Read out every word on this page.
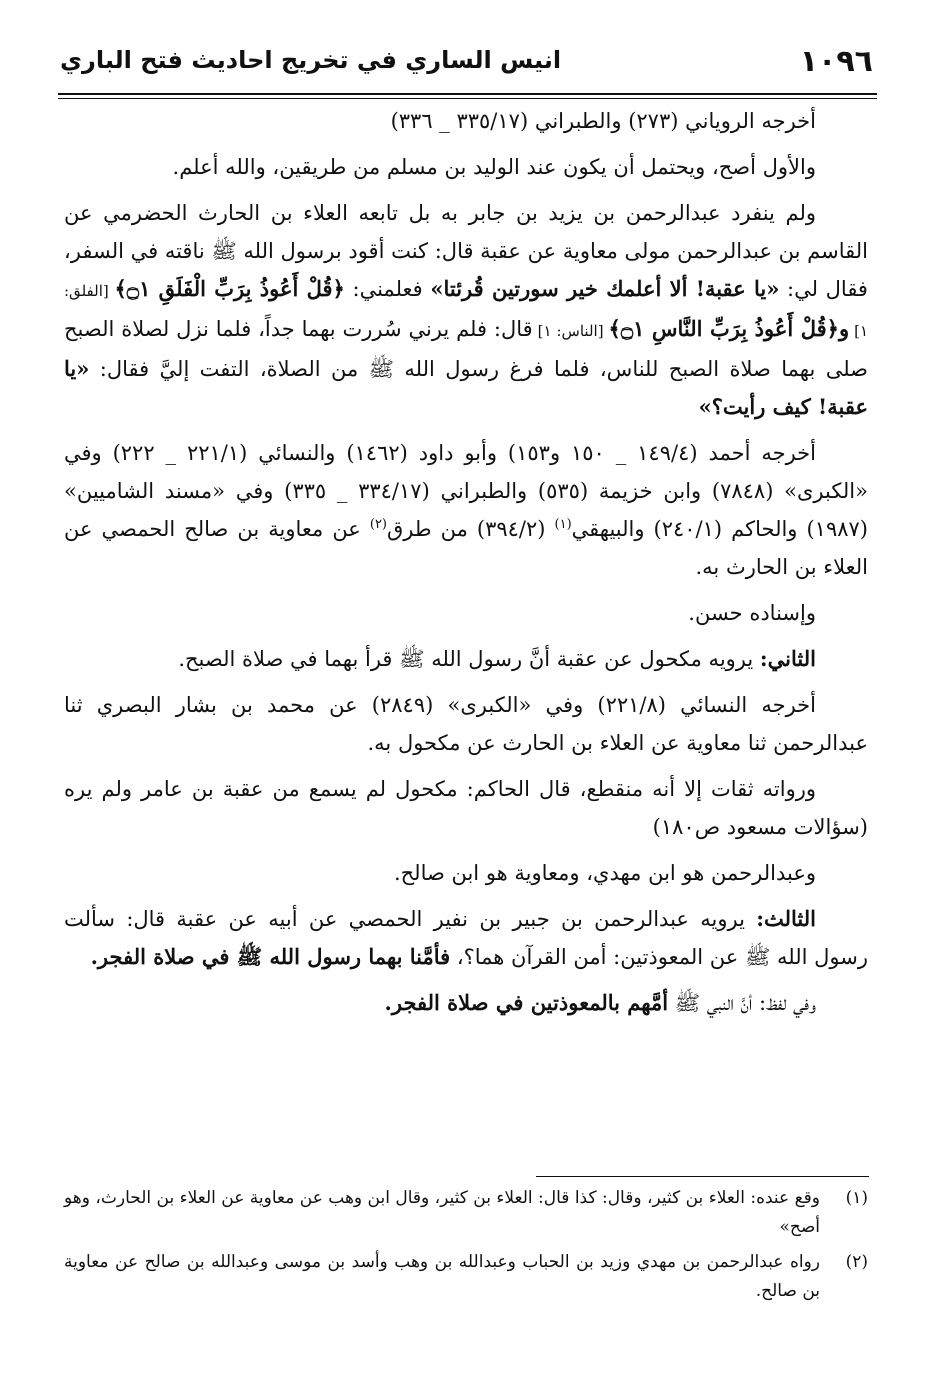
١٠٩٦
انيس الساري في تخريج احاديث فتح الباري

أخرجه الروياني (٢٧٣) والطبراني (٣٣٥/١٧ _ ٣٣٦)

والأول أصح، ويحتمل أن يكون عند الوليد بن مسلم من طريقين، والله أعلم.

ولم ينفرد عبدالرحمن بن يزيد بن جابر به بل تابعه العلاء بن الحارث الحضرمي عن القاسم بن عبدالرحمن مولى معاوية عن عقبة قال: كنت أقود برسول الله ﷺ ناقته في السفر، فقال لي: «يا عقبة! ألا أعلمك خير سورتين قُرئتا» فعلمني: ﴿قُلْ أَعُوذُ بِرَبِّ الْفَلَقِ ۝١﴾ [الفلق: ١] و﴿قُلْ أَعُوذُ بِرَبِّ النَّاسِ ۝١﴾ [الناس: ١] قال: فلم يرني سُررت بهما جداً، فلما نزل لصلاة الصبح صلى بهما صلاة الصبح للناس، فلما فرغ رسول الله ﷺ من الصلاة، التفت إليَّ فقال: «يا عقبة! كيف رأيت؟»

أخرجه أحمد (١٤٩/٤ _ ١٥٠ و١٥٣) وأبو داود (١٤٦٢) والنسائي (٢٢١/١ _ ٢٢٢) وفي «الكبرى» (٧٨٤٨) وابن خزيمة (٥٣٥) والطبراني (٣٣٤/١٧ _ ٣٣٥) وفي «مسند الشاميين» (١٩٨٧) والحاكم (٢٤٠/١) والبيهقي$^{(١)}$ (٣٩٤/٢) من طرق$^{(٢)}$ عن معاوية بن صالح الحمصي عن العلاء بن الحارث به.

وإسناده حسن.

الثاني: يرويه مكحول عن عقبة أنَّ رسول الله ﷺ قرأ بهما في صلاة الصبح.

أخرجه النسائي (٢٢١/٨) وفي «الكبرى» (٢٨٤٩) عن محمد بن بشار البصري ثنا عبدالرحمن ثنا معاوية عن العلاء بن الحارث عن مكحول به.

ورواته ثقات إلا أنه منقطع، قال الحاكم: مكحول لم يسمع من عقبة بن عامر ولم يره (سؤالات مسعود ص١٨٠)

وعبدالرحمن هو ابن مهدي، ومعاوية هو ابن صالح.

الثالث: يرويه عبدالرحمن بن جبير بن نفير الحمصي عن أبيه عن عقبة قال: سألت رسول الله ﷺ عن المعوذتين: أمن القرآن هما؟، فأمَّنا بهما رسول الله ﷺ في صلاة الفجر.

وفي لفظ: أنَّ النبي ﷺ أمَّهم بالمعوذتين في صلاة الفجر.

(١)
وقع عنده: العلاء بن كثير، وقال: كذا قال: العلاء بن كثير، وقال ابن وهب عن معاوية عن العلاء بن الحارث، وهو أصح»
(٢)
رواه عبدالرحمن بن مهدي وزيد بن الحباب وعبدالله بن وهب وأسد بن موسى وعبدالله بن صالح عن معاوية بن صالح.
